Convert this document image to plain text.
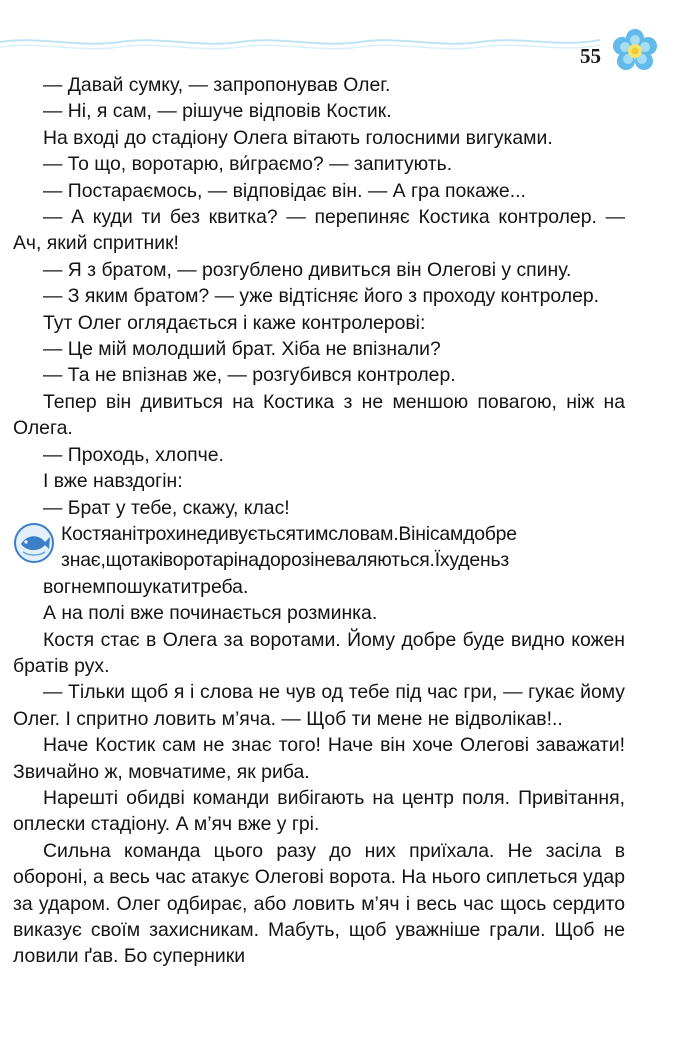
55

— Давай сумку, — запропонував Олег.

— Ні, я сам, — рішуче відповів Костик.

На вході до стадіону Олега вітають голосними вигуками.

— То що, воротарю, ви́граємо? — запитують.

— Постараємось, — відповідає він. — А гра покаже...

— А куди ти без квитка? — перепиняє Костика контролер. — Ач, який спритник!

— Я з братом, — розгублено дивиться він Олегові у спину.

— З яким братом? — уже відтісняє його з проходу контролер.

Тут Олег оглядається і каже контролерові:

— Це мій молодший брат. Хіба не впізнали?

— Та не впізнав же, — розгубився контролер.

Тепер він дивиться на Костика з не меншою повагою, ніж на Олега.

— Проходь, хлопче.

І вже навздогін:

— Брат у тебе, скажу, клас!

Костяанітрохинедивуєтьсятимсловам.Вінісамдобре

знає,щотаківоротарінадорозіневаляються.Їхуденьз

вогнемпошукатитреба.

А на полі вже починається розминка.

Костя стає в Олега за воротами. Йому добре буде видно кожен братів рух.

— Тільки щоб я і слова не чув од тебе під час гри, — гукає йому Олег. І спритно ловить м’яча. — Щоб ти мене не відволікав!..

Наче Костик сам не знає того! Наче він хоче Олегові заважати! Звичайно ж, мовчатиме, як риба.

Нарешті обидві команди вибігають на центр поля. Привітання, оплески стадіону. А м’яч вже у грі.

Сильна команда цього разу до них приїхала. Не засіла в обороні, а весь час атакує Олегові ворота. На нього сиплеться удар за ударом. Олег одбирає, або ловить м’яч і весь час щось сердито виказує своїм захисникам. Мабуть, щоб уважніше грали. Щоб не ловили ґав. Бо суперники
